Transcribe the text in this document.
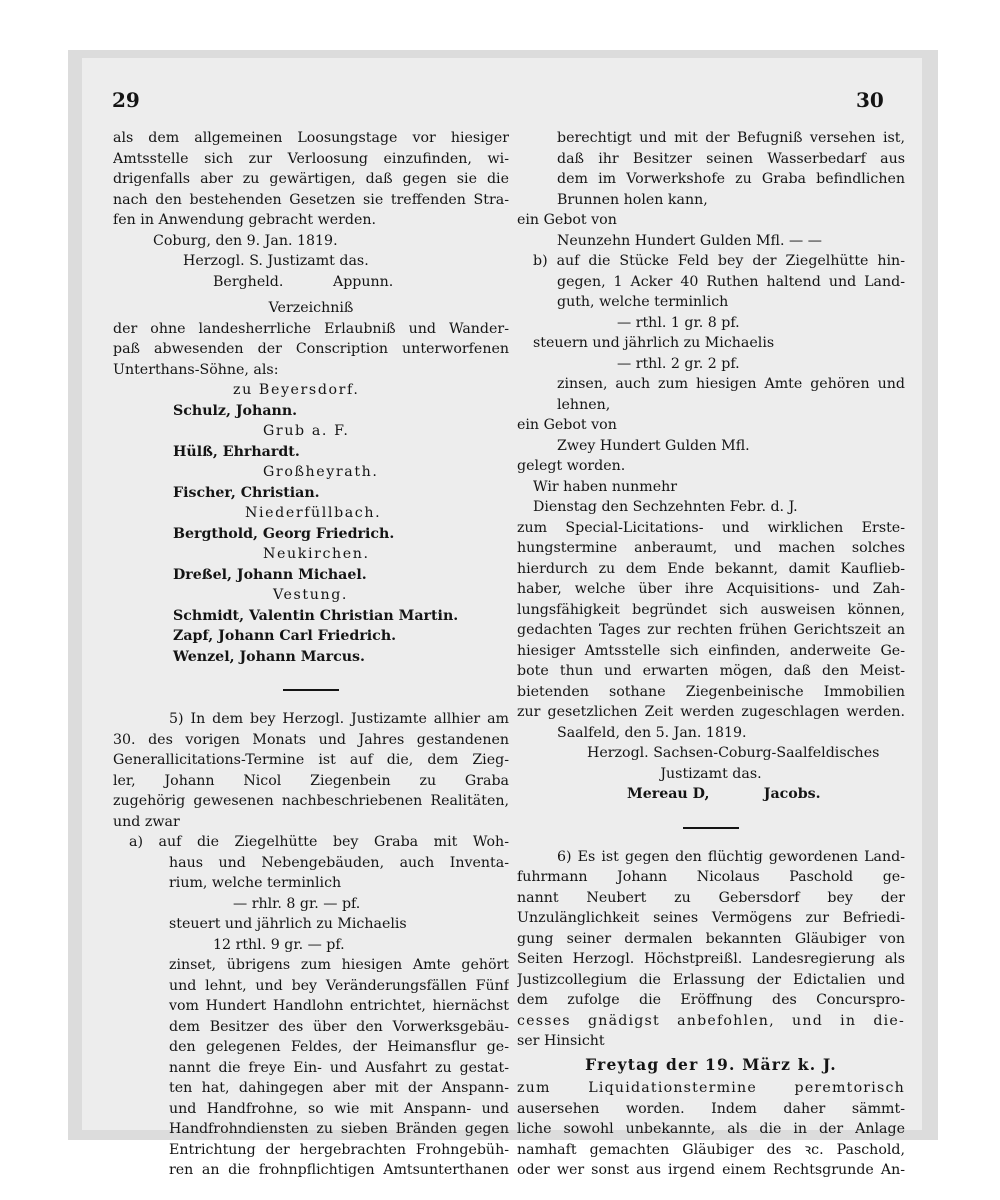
29	30
als dem allgemeinen Loosungstage vor hiesiger
Amtsstelle sich zur Verloosung einzufinden, wi-
drigenfalls aber zu gewärtigen, daß gegen sie die
nach den bestehenden Gesetzen sie treffenden Stra-
fen in Anwendung gebracht werden.
Coburg, den 9. Jan. 1819.
Herzogl. S. Justizamt das.
Bergheld.           Appunn.
Verzeichniß
der ohne landesherrliche Erlaubniß und Wander-
paß abwesenden der Conscription unterworfenen
Unterthans-Söhne, als:
zu Beyersdorf.
Schulz, Johann.
Grub a. F.
Hülß, Ehrhardt.
Großheyrath.
Fischer, Christian.
Niederfüllbach.
Bergthold, Georg Friedrich.
Neukirchen.
Dreßel, Johann Michael.
Vestung.
Schmidt, Valentin Christian Martin.
Zapf, Johann Carl Friedrich.
Wenzel, Johann Marcus.
5) In dem bey Herzogl. Justizamte allhier am
30. des vorigen Monats und Jahres gestandenen
Generallicitations-Termine ist auf die, dem Zieg-
ler, Johann Nicol Ziegenbein zu Graba
zugehörig gewesenen nachbeschriebenen Realitäten,
und zwar
a) auf die Ziegelhütte bey Graba mit Woh-
haus und Nebengebäuden, auch Inventa-
rium, welche terminlich
— rhlr. 8 gr. — pf.
steuert und jährlich zu Michaelis
12 rthl. 9 gr. — pf.
zinset, übrigens zum hiesigen Amte gehört
und lehnt, und bey Veränderungsfällen Fünf
vom Hundert Handlohn entrichtet, hiernächst
dem Besitzer des über den Vorwerksgebäu-
den gelegenen Feldes, der Heimansflur ge-
nannt die freye Ein- und Ausfahrt zu gestat-
ten hat, dahingegen aber mit der Anspann-
und Handfrohne, so wie mit Anspann- und
Handfrohndiensten zu sieben Bränden gegen
Entrichtung der hergebrachten Frohngebüh-
ren an die frohnpflichtigen Amtsunterthanen
berechtigt und mit der Befugniß versehen ist,
daß ihr Besitzer seinen Wasserbedarf aus
dem im Vorwerkshofe zu Graba befindlichen
Brunnen holen kann,
ein Gebot von
Neunzehn Hundert Gulden Mfl. — —
b) auf die Stücke Feld bey der Ziegelhütte hin-
gegen, 1 Acker 40 Ruthen haltend und Land-
guth, welche terminlich
— rthl. 1 gr. 8 pf.
steuern und jährlich zu Michaelis
— rthl. 2 gr. 2 pf.
zinsen, auch zum hiesigen Amte gehören und
lehnen,
ein Gebot von
Zwey Hundert Gulden Mfl.
gelegt worden.
Wir haben nunmehr
Dienstag den Sechzehnten Febr. d. J.
zum Special-Licitations- und wirklichen Erste-
hungstermine anberaumt, und machen solches
hierdurch zu dem Ende bekannt, damit Kauflieb-
haber, welche über ihre Acquisitions- und Zah-
lungsfähigkeit begründet sich ausweisen können,
gedachten Tages zur rechten frühen Gerichtszeit an
hiesiger Amtsstelle sich einfinden, anderweite Ge-
bote thun und erwarten mögen, daß den Meist-
bietenden sothane Ziegenbeinische Immobilien
zur gesetzlichen Zeit werden zugeschlagen werden.
Saalfeld, den 5. Jan. 1819.
Herzogl. Sachsen-Coburg-Saalfeldisches
Justizamt das.
Mereau D,           Jacobs.
6) Es ist gegen den flüchtig gewordenen Land-
fuhrmann Johann Nicolaus Paschold ge-
nannt Neubert zu Gebersdorf bey der
Unzulänglichkeit seines Vermögens zur Befriedi-
gung seiner dermalen bekannten Gläubiger von
Seiten Herzogl. Höchstpreißl. Landesregierung als
Justizcollegium die Erlassung der Edictalien und
dem zufolge die Eröffnung des Concurspro-
cesses gnädigst anbefohlen, und in die-
ser Hinsicht
Freytag der 19. März k. J.
zum Liquidationstermine peremtorisch
ausersehen worden. Indem daher sämmt-
liche sowohl unbekannte, als die in der Anlage
namhaft gemachten Gläubiger des ꝛc. Paschold,
oder wer sonst aus irgend einem Rechtsgrunde An-
